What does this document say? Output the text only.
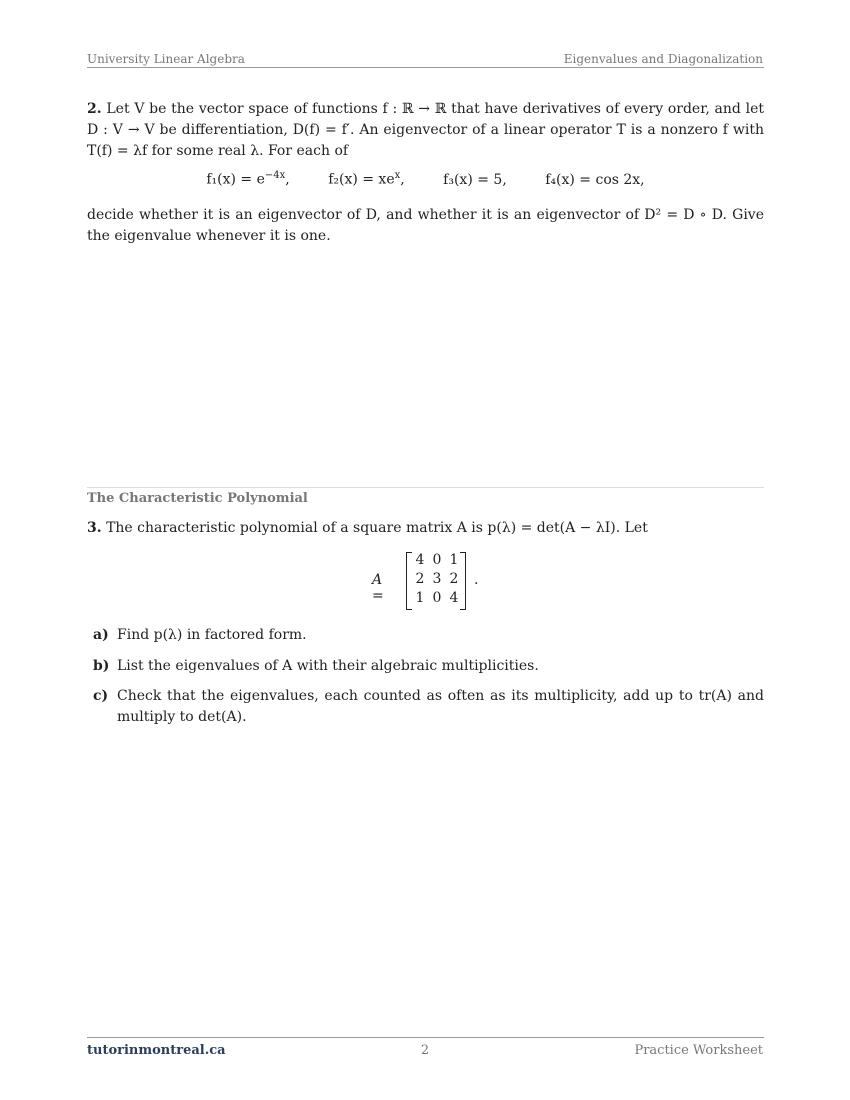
University Linear Algebra	Eigenvalues and Diagonalization
2. Let V be the vector space of functions f : ℝ → ℝ that have derivatives of every order, and let D : V → V be differentiation, D(f) = f′. An eigenvector of a linear operator T is a nonzero f with T(f) = λf for some real λ. For each of
$f_1(x) = e^{-4x}$,	$f_2(x) = xe^x$,	f₃(x) = 5,	f₄(x) = cos 2x,
decide whether it is an eigenvector of D, and whether it is an eigenvector of D² = D ∘ D. Give the eigenvalue whenever it is one.
The Characteristic Polynomial
3. The characteristic polynomial of a square matrix A is p(λ) = det(A − λI). Let
A =
4 0 1
2 3 2
1 0 4
.
a) Find p(λ) in factored form.
b) List the eigenvalues of A with their algebraic multiplicities.
c) Check that the eigenvalues, each counted as often as its multiplicity, add up to tr(A) and multiply to det(A).
tutorinmontreal.ca	2	Practice Worksheet
